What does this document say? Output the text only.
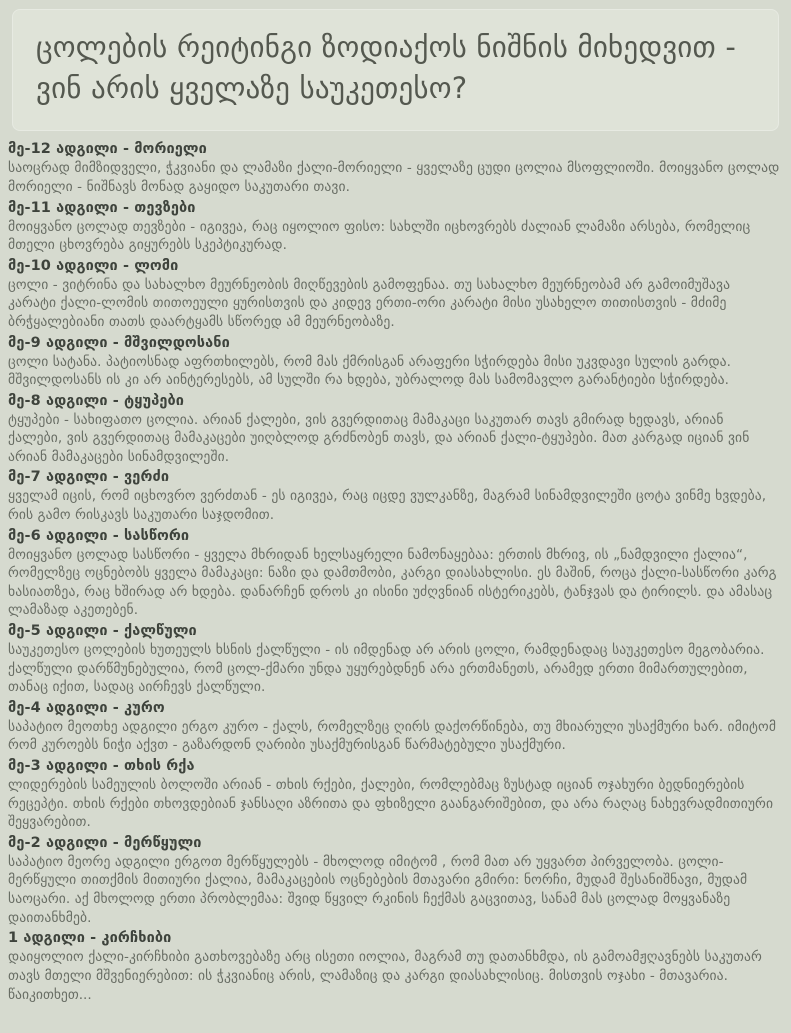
ცოლების რეიტინგი ზოდიაქოს ნიშნის მიხედვით - ვინ არის ყველაზე საუკეთესო?
მე-12 ადგილი - მორიელი

საოცრად მიმზიდველი, ჭკვიანი და ლამაზი ქალი-მორიელი - ყველაზე ცუდი ცოლია მსოფლიოში. მოიყვანო ცოლად მორიელი - ნიშნავს მონად გაყიდო საკუთარი თავი.

მე-11 ადგილი - თევზები

მოიყვანო ცოლად თევზები - იგივეა, რაც იყოლიო ფისო: სახლში იცხოვრებს ძალიან ლამაზი არსება, რომელიც მთელი ცხოვრება გიყურებს სკეპტიკურად.

მე-10 ადგილი - ლომი

ცოლი - ვიტრინა და სახალხო მეურნეობის მიღწევების გამოფენაა. თუ სახალხო მეურნეობამ არ გამოიმუშავა კარატი ქალი-ლომის თითოეული ყურისთვის და კიდევ ერთი-ორი კარატი მისი უსახელო თითისთვის - მძიმე ბრჭყალებიანი თათს დაარტყამს სწორედ ამ მეურნეობაზე.

მე-9 ადგილი - მშვილდოსანი

ცოლი სატანა. პატიოსნად აფრთხილებს, რომ მას ქმრისგან არაფერი სჭირდება მისი უკვდავი სულის გარდა. მშვილდოსანს ის კი არ აინტერესებს, ამ სულში რა ხდება, უბრალოდ მას სამომავლო გარანტიები სჭირდება.

მე-8 ადგილი - ტყუპები

ტყუპები - სახიფათო ცოლია. არიან ქალები, ვის გვერდითაც მამაკაცი საკუთარ თავს გმირად ხედავს, არიან ქალები, ვის გვერდითაც მამაკაცები უიღბლოდ გრძნობენ თავს, და არიან ქალი-ტყუპები. მათ კარგად იციან ვინ არიან მამაკაცები სინამდვილეში.

მე-7 ადგილი - ვერძი

ყველამ იცის, რომ იცხოვრო ვერძთან - ეს იგივეა, რაც იცდე ვულკანზე, მაგრამ სინამდვილეში ცოტა ვინმე ხვდება, რის გამო რისკავს საკუთარი საჯდომით.

მე-6 ადგილი - სასწორი

მოიყვანო ცოლად სასწორი - ყველა მხრიდან ხელსაყრელი ნამონაყებაა: ერთის მხრივ, ის „ნამდვილი ქალია“, რომელზეც ოცნებობს ყველა მამაკაცი: ნაზი და დამთმობი, კარგი დიასახლისი. ეს მაშინ, როცა ქალი-სასწორი კარგ ხასიათზეა, რაც ხშირად არ ხდება. დანარჩენ დროს კი ისინი უძღვნიან ისტერიკებს, ტანჯვას და ტირილს. და ამასაც ლამაზად აკეთებენ.

მე-5 ადგილი - ქალწული

საუკეთესო ცოლების ხუთეულს ხსნის ქალწული - ის იმდენად არ არის ცოლი, რამდენადაც საუკეთესო მეგობარია. ქალწული დარწმუნებულია, რომ ცოლ-ქმარი უნდა უყურებდნენ არა ერთმანეთს, არამედ ერთი მიმართულებით, თანაც იქით, სადაც აირჩევს ქალწული.

მე-4 ადგილი - კურო

საპატიო მეოთხე ადგილი ერგო კურო - ქალს, რომელზეც ღირს დაქორწინება, თუ მხიარული უსაქმური ხარ. იმიტომ რომ კუროებს ნიჭი აქვთ - გაზარდონ ღარიბი უსაქმურისგან წარმატებული უსაქმური.

მე-3 ადგილი - თხის რქა

ლიდერების სამეულის ბოლოში არიან - თხის რქები, ქალები, რომლებმაც ზუსტად იციან ოჯახური ბედნიერების რეცეპტი. თხის რქები თხოვდებიან ჯანსაღი აზრითა და ფხიზელი გაანგარიშებით, და არა რაღაც ნახევრადმითიური შეყვარებით.

მე-2 ადგილი - მერწყული

საპატიო მეორე ადგილი ერგოთ მერწყულებს - მხოლოდ იმიტომ , რომ მათ არ უყვართ პირველობა. ცოლი-მერწყული თითქმის მითიური ქალია, მამაკაცების ოცნებების მთავარი გმირი: ნორჩი, მუდამ შესანიშნავი, მუდამ საოცარი. აქ მხოლოდ ერთი პრობლემაა: შვიდ წყვილ რკინის ჩექმას გაცვითავ, სანამ მას ცოლად მოყვანაზე დაითანხმებ.

1 ადგილი - კირჩხიბი

დაიყოლიო ქალი-კირჩხიბი გათხოვებაზე არც ისეთი იოლია, მაგრამ თუ დათანხმდა, ის გამოამჟღავნებს საკუთარ თავს მთელი მშვენიერებით: ის ჭკვიანიც არის, ლამაზიც და კარგი დიასახლისიც. მისთვის ოჯახი - მთავარია.

წაიკითხეთ...
